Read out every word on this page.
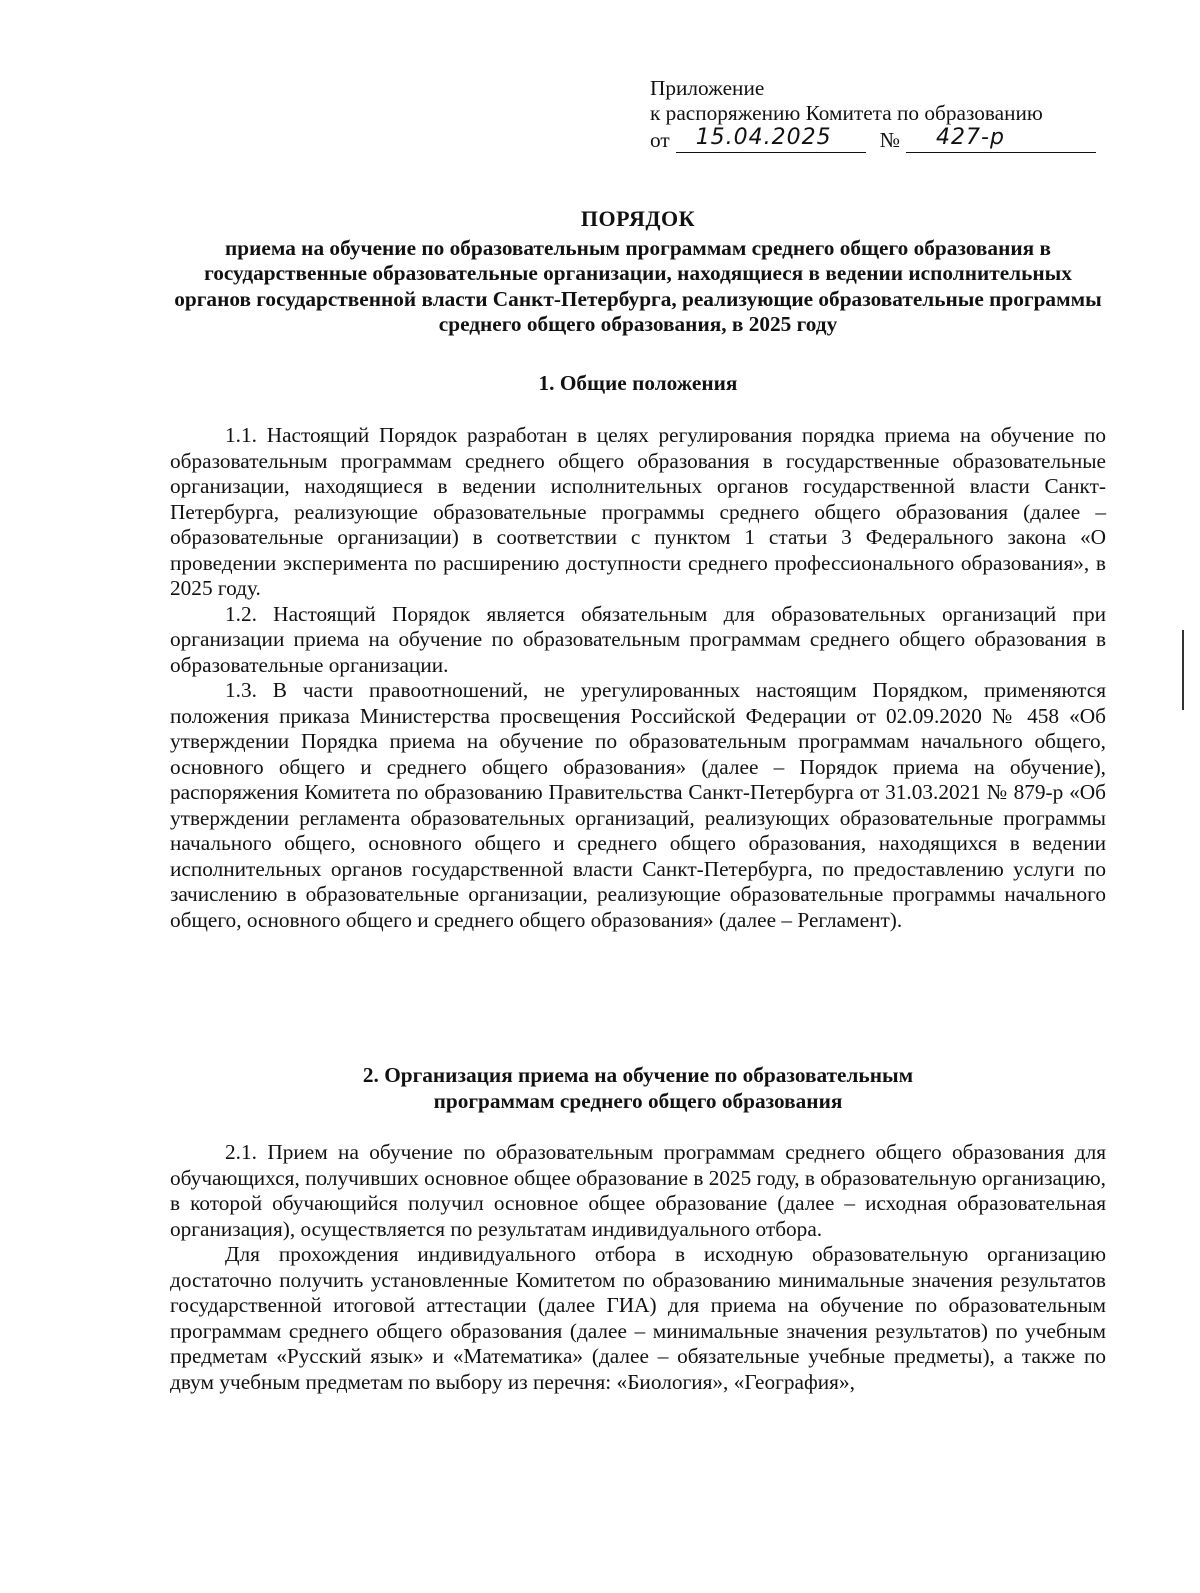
Приложение
к распоряжению Комитета по образованию
от 15.04.2025 № 427-р
ПОРЯДОК
приема на обучение по образовательным программам среднего общего образования в государственные образовательные организации, находящиеся в ведении исполнительных органов государственной власти Санкт-Петербурга, реализующие образовательные программы среднего общего образования, в 2025 году
1. Общие положения

1.1. Настоящий Порядок разработан в целях регулирования порядка приема на обучение по образовательным программам среднего общего образования в государственные образовательные организации, находящиеся в ведении исполнительных органов государственной власти Санкт-Петербурга, реализующие образовательные программы среднего общего образования (далее – образовательные организации) в соответствии с пунктом 1 статьи 3 Федерального закона «О проведении эксперимента по расширению доступности среднего профессионального образования», в 2025 году.

1.2. Настоящий Порядок является обязательным для образовательных организаций при организации приема на обучение по образовательным программам среднего общего образования в образовательные организации.

1.3. В части правоотношений, не урегулированных настоящим Порядком, применяются положения приказа Министерства просвещения Российской Федерации от 02.09.2020 № 458 «Об утверждении Порядка приема на обучение по образовательным программам начального общего, основного общего и среднего общего образования» (далее – Порядок приема на обучение), распоряжения Комитета по образованию Правительства Санкт-Петербурга от 31.03.2021 № 879-р «Об утверждении регламента образовательных организаций, реализующих образовательные программы начального общего, основного общего и среднего общего образования, находящихся в ведении исполнительных органов государственной власти Санкт-Петербурга, по предоставлению услуги по зачислению в образовательные организации, реализующие образовательные программы начального общего, основного общего и среднего общего образования» (далее – Регламент).

2. Организация приема на обучение по образовательным
программам среднего общего образования

2.1. Прием на обучение по образовательным программам среднего общего образования для обучающихся, получивших основное общее образование в 2025 году, в образовательную организацию, в которой обучающийся получил основное общее образование (далее – исходная образовательная организация), осуществляется по результатам индивидуального отбора.

Для прохождения индивидуального отбора в исходную образовательную организацию достаточно получить установленные Комитетом по образованию минимальные значения результатов государственной итоговой аттестации (далее ГИА) для приема на обучение по образовательным программам среднего общего образования (далее – минимальные значения результатов) по учебным предметам «Русский язык» и «Математика» (далее – обязательные учебные предметы), а также по двум учебным предметам по выбору из перечня: «Биология», «География»,
